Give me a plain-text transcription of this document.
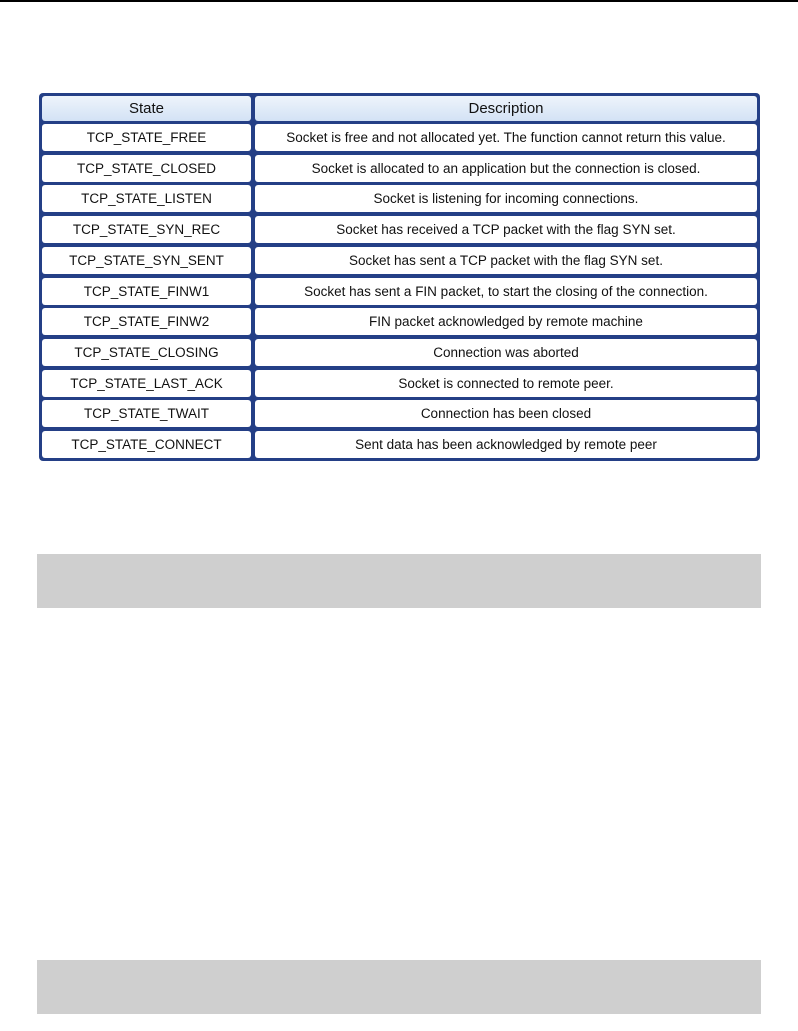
State	Description
TCP_STATE_FREE	Socket is free and not allocated yet. The function cannot return this value.
TCP_STATE_CLOSED	Socket is allocated to an application but the connection is closed.
TCP_STATE_LISTEN	Socket is listening for incoming connections.
TCP_STATE_SYN_REC	Socket has received a TCP packet with the flag SYN set.
TCP_STATE_SYN_SENT	Socket has sent a TCP packet with the flag SYN set.
TCP_STATE_FINW1	Socket has sent a FIN packet, to start the closing of the connection.
TCP_STATE_FINW2	FIN packet acknowledged by remote machine
TCP_STATE_CLOSING	Connection was aborted
TCP_STATE_LAST_ACK	Socket is connected to remote peer.
TCP_STATE_TWAIT	Connection has been closed
TCP_STATE_CONNECT	Sent data has been acknowledged by remote peer
